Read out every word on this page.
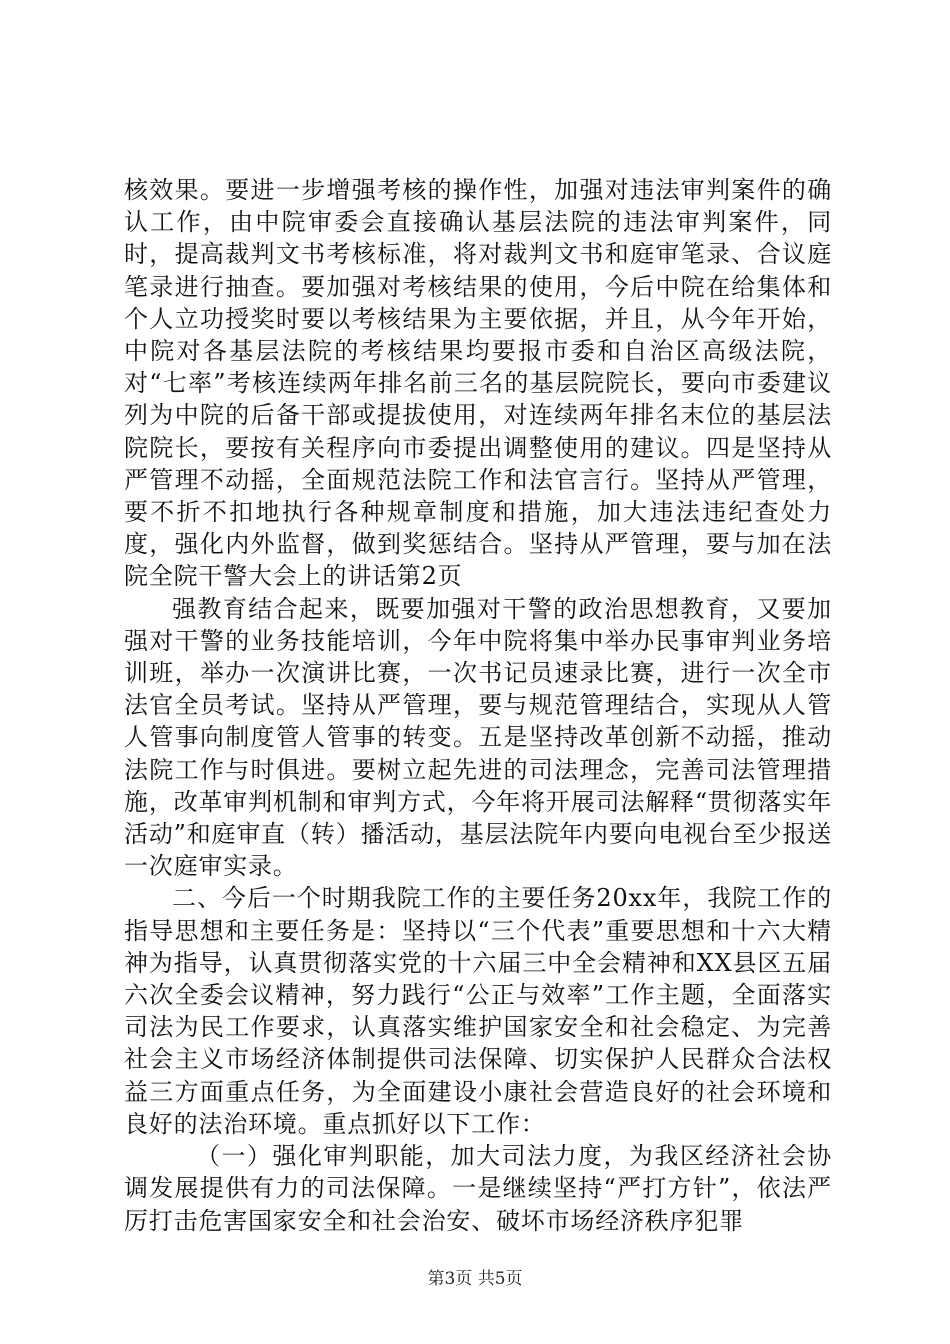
核效果。要进一步增强考核的操作性，加强对违法审判案件的确认工作，由中院审委会直接确认基层法院的违法审判案件，同时，提高裁判文书考核标准，将对裁判文书和庭审笔录、合议庭笔录进行抽查。要加强对考核结果的使用，今后中院在给集体和个人立功授奖时要以考核结果为主要依据，并且，从今年开始，中院对各基层法院的考核结果均要报市委和自治区高级法院，对“七率”考核连续两年排名前三名的基层院院长，要向市委建议列为中院的后备干部或提拔使用，对连续两年排名末位的基层法院院长，要按有关程序向市委提出调整使用的建议。四是坚持从严管理不动摇，全面规范法院工作和法官言行。坚持从严管理，要不折不扣地执行各种规章制度和措施，加大违法违纪查处力度，强化内外监督，做到奖惩结合。坚持从严管理，要与加在法院全院干警大会上的讲话第2页

强教育结合起来，既要加强对干警的政治思想教育，又要加强对干警的业务技能培训，今年中院将集中举办民事审判业务培训班，举办一次演讲比赛，一次书记员速录比赛，进行一次全市法官全员考试。坚持从严管理，要与规范管理结合，实现从人管人管事向制度管人管事的转变。五是坚持改革创新不动摇，推动法院工作与时俱进。要树立起先进的司法理念，完善司法管理措施，改革审判机制和审判方式，今年将开展司法解释“贯彻落实年活动”和庭审直（转）播活动，基层法院年内要向电视台至少报送一次庭审实录。

二、今后一个时期我院工作的主要任务20xx年，我院工作的指导思想和主要任务是：坚持以“三个代表”重要思想和十六大精神为指导，认真贯彻落实党的十六届三中全会精神和XX县区五届六次全委会议精神，努力践行“公正与效率”工作主题，全面落实司法为民工作要求，认真落实维护国家安全和社会稳定、为完善社会主义市场经济体制提供司法保障、切实保护人民群众合法权益三方面重点任务，为全面建设小康社会营造良好的社会环境和良好的法治环境。重点抓好以下工作：

（一）强化审判职能，加大司法力度，为我区经济社会协调发展提供有力的司法保障。一是继续坚持“严打方针”，依法严厉打击危害国家安全和社会治安、破坏市场经济秩序犯罪

第3页 共5页
